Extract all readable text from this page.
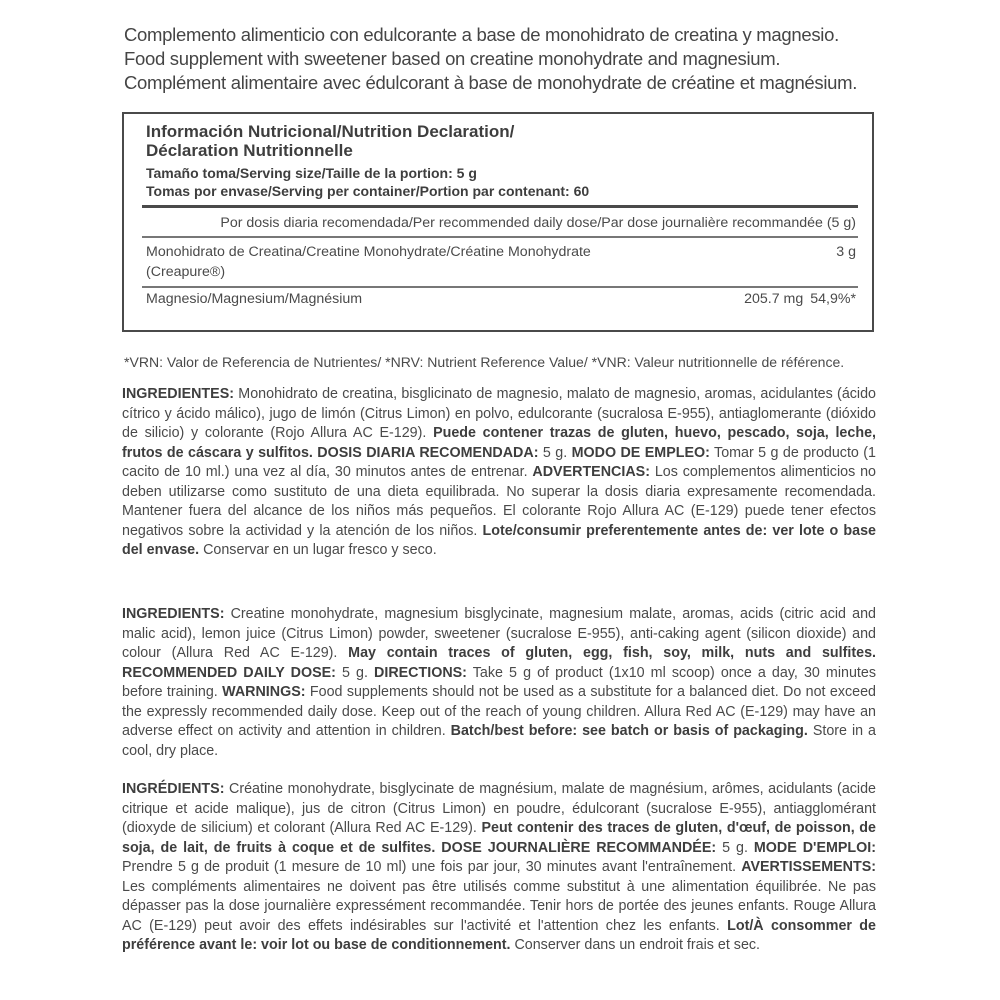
Complemento alimenticio con edulcorante a base de monohidrato de creatina y magnesio.
Food supplement with sweetener based on creatine monohydrate and magnesium.
Complément alimentaire avec édulcorant à base de monohydrate de créatine et magnésium.
Información Nutricional/Nutrition Declaration/
Déclaration Nutritionnelle
Tamaño toma/Serving size/Taille de la portion: 5 g
Tomas por envase/Serving per container/Portion par contenant: 60
Por dosis diaria recomendada/Per recommended daily dose/Par dose journalière recommandée (5 g)
Monohidrato de Creatina/Creatine Monohydrate/Créatine Monohydrate
(Creapure®)
3 g
Magnesio/Magnesium/Magnésium	205.7 mg 54,9%*
*VRN: Valor de Referencia de Nutrientes/ *NRV: Nutrient Reference Value/ *VNR: Valeur nutritionnelle de référence.
INGREDIENTES: Monohidrato de creatina, bisglicinato de magnesio, malato de magnesio, aromas, acidulantes (ácido cítrico y ácido málico), jugo de limón (Citrus Limon) en polvo, edulcorante (sucralosa E-955), antiaglomerante (dióxido de silicio) y colorante (Rojo Allura AC E-129). Puede contener trazas de gluten, huevo, pescado, soja, leche, frutos de cáscara y sulfitos. DOSIS DIARIA RECOMENDADA: 5 g. MODO DE EMPLEO: Tomar 5 g de producto (1 cacito de 10 ml.) una vez al día, 30 minutos antes de entrenar. ADVERTENCIAS: Los complementos alimenticios no deben utilizarse como sustituto de una dieta equilibrada. No superar la dosis diaria expresamente recomendada. Mantener fuera del alcance de los niños más pequeños. El colorante Rojo Allura AC (E-129) puede tener efectos negativos sobre la actividad y la atención de los niños. Lote/consumir preferentemente antes de: ver lote o base del envase. Conservar en un lugar fresco y seco.
INGREDIENTS: Creatine monohydrate, magnesium bisglycinate, magnesium malate, aromas, acids (citric acid and malic acid), lemon juice (Citrus Limon) powder, sweetener (sucralose E-955), anti-caking agent (silicon dioxide) and colour (Allura Red AC E-129). May contain traces of gluten, egg, fish, soy, milk, nuts and sulfites. RECOMMENDED DAILY DOSE: 5 g. DIRECTIONS: Take 5 g of product (1x10 ml scoop) once a day, 30 minutes before training. WARNINGS: Food supplements should not be used as a substitute for a balanced diet. Do not exceed the expressly recommended daily dose. Keep out of the reach of young children. Allura Red AC (E-129) may have an adverse effect on activity and attention in children. Batch/best before: see batch or basis of packaging. Store in a cool, dry place.
INGRÉDIENTS: Créatine monohydrate, bisglycinate de magnésium, malate de magnésium, arômes, acidulants (acide citrique et acide malique), jus de citron (Citrus Limon) en poudre, édulcorant (sucralose E-955), antiagglomérant (dioxyde de silicium) et colorant (Allura Red AC E-129). Peut contenir des traces de gluten, d'œuf, de poisson, de soja, de lait, de fruits à coque et de sulfites. DOSE JOURNALIÈRE RECOMMANDÉE: 5 g. MODE D'EMPLOI: Prendre 5 g de produit (1 mesure de 10 ml) une fois par jour, 30 minutes avant l'entraînement. AVERTISSEMENTS: Les compléments alimentaires ne doivent pas être utilisés comme substitut à une alimentation équilibrée. Ne pas dépasser pas la dose journalière expressément recommandée. Tenir hors de portée des jeunes enfants. Rouge Allura AC (E-129) peut avoir des effets indésirables sur l'activité et l'attention chez les enfants. Lot/À consommer de préférence avant le: voir lot ou base de conditionnement. Conserver dans un endroit frais et sec.
